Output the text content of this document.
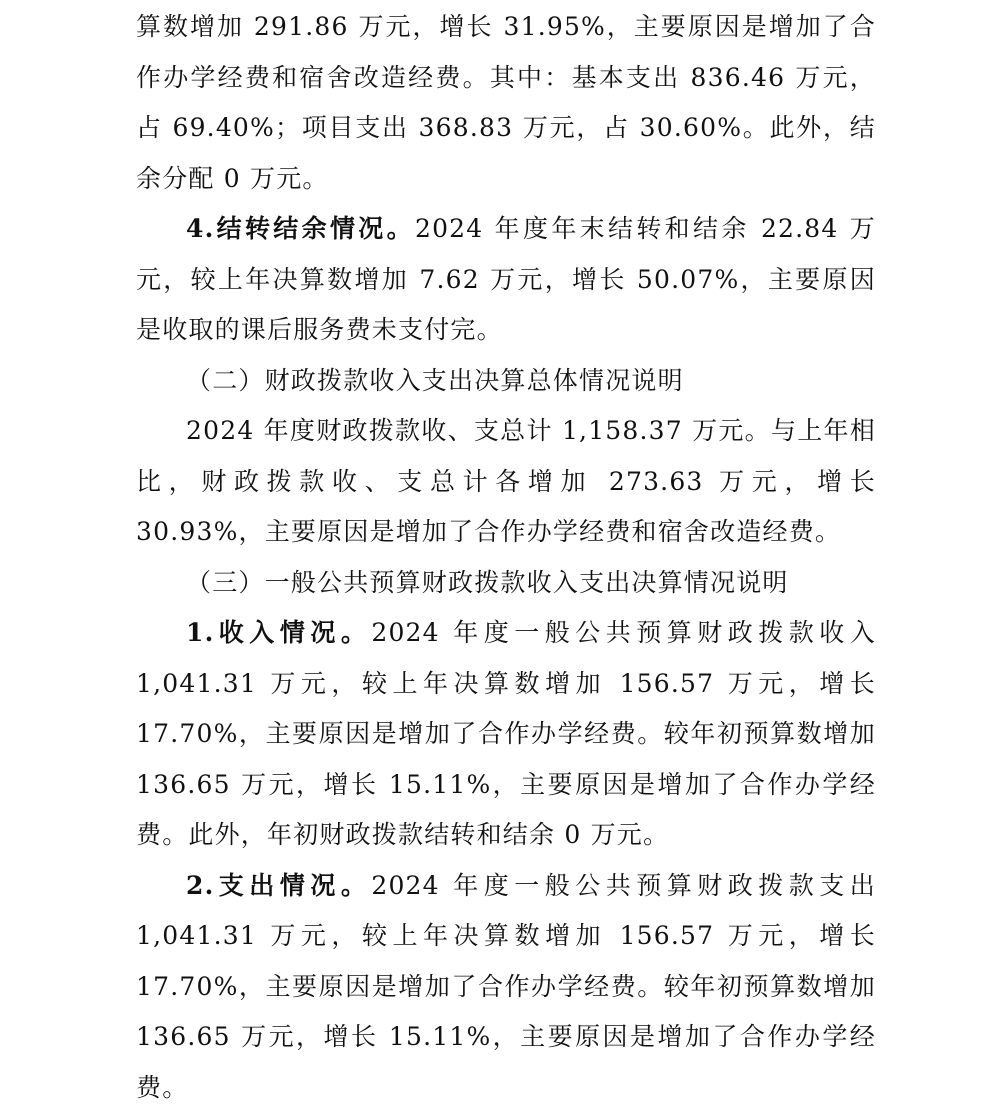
算数增加 291.86 万元，增长 31.95%，主要原因是增加了合作办学经费和宿舍改造经费。其中：基本支出 836.46 万元，占 69.40%；项目支出 368.83 万元，占 30.60%。此外，结余分配 0 万元。

4.结转结余情况。2024 年度年末结转和结余 22.84 万元，较上年决算数增加 7.62 万元，增长 50.07%，主要原因是收取的课后服务费未支付完。

（二）财政拨款收入支出决算总体情况说明

2024 年度财政拨款收、支总计 1,158.37 万元。与上年相比，财政拨款收、支总计各增加 273.63 万元，增长 30.93%，主要原因是增加了合作办学经费和宿舍改造经费。

（三）一般公共预算财政拨款收入支出决算情况说明

1.收入情况。2024 年度一般公共预算财政拨款收入 1,041.31 万元，较上年决算数增加 156.57 万元，增长 17.70%，主要原因是增加了合作办学经费。较年初预算数增加 136.65 万元，增长 15.11%，主要原因是增加了合作办学经费。此外，年初财政拨款结转和结余 0 万元。

2.支出情况。2024 年度一般公共预算财政拨款支出 1,041.31 万元，较上年决算数增加 156.57 万元，增长 17.70%，主要原因是增加了合作办学经费。较年初预算数增加 136.65 万元，增长 15.11%，主要原因是增加了合作办学经费。
